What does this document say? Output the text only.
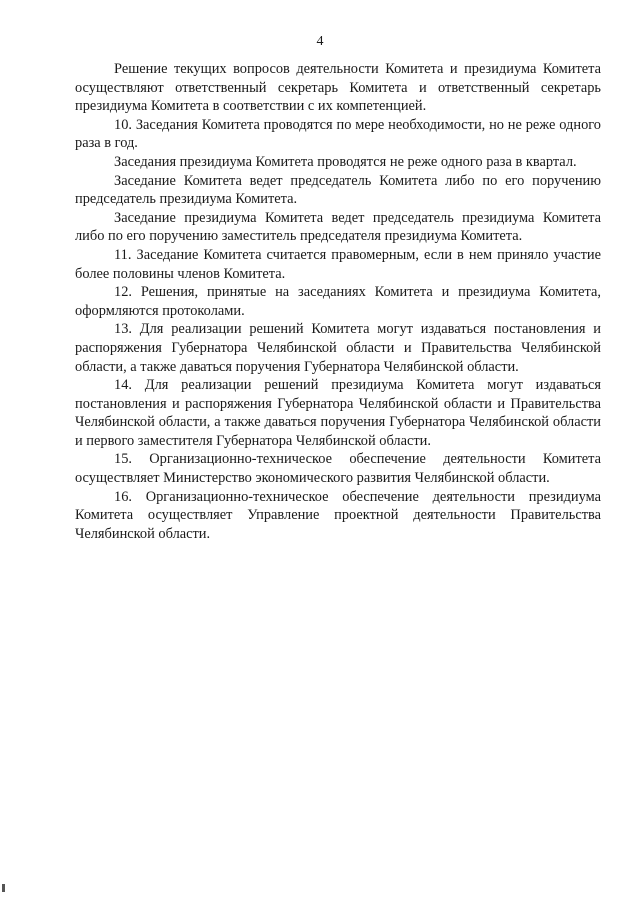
4

Решение текущих вопросов деятельности Комитета и президиума Комитета осуществляют ответственный секретарь Комитета и ответственный секретарь президиума Комитета в соответствии с их компетенцией.

10. Заседания Комитета проводятся по мере необходимости, но не реже одного раза в год.

Заседания президиума Комитета проводятся не реже одного раза в квартал.

Заседание Комитета ведет председатель Комитета либо по его поручению председатель президиума Комитета.

Заседание президиума Комитета ведет председатель президиума Комитета либо по его поручению заместитель председателя президиума Комитета.

11. Заседание Комитета считается правомерным, если в нем приняло участие более половины членов Комитета.

12. Решения, принятые на заседаниях Комитета и президиума Комитета, оформляются протоколами.

13. Для реализации решений Комитета могут издаваться постановления и распоряжения Губернатора Челябинской области и Правительства Челябинской области, а также даваться поручения Губернатора Челябинской области.

14. Для реализации решений президиума Комитета могут издаваться постановления и распоряжения Губернатора Челябинской области и Правительства Челябинской области, а также даваться поручения Губернатора Челябинской области и первого заместителя Губернатора Челябинской области.

15. Организационно-техническое обеспечение деятельности Комитета осуществляет Министерство экономического развития Челябинской области.

16. Организационно-техническое обеспечение деятельности президиума Комитета осуществляет Управление проектной деятельности Правительства Челябинской области.
